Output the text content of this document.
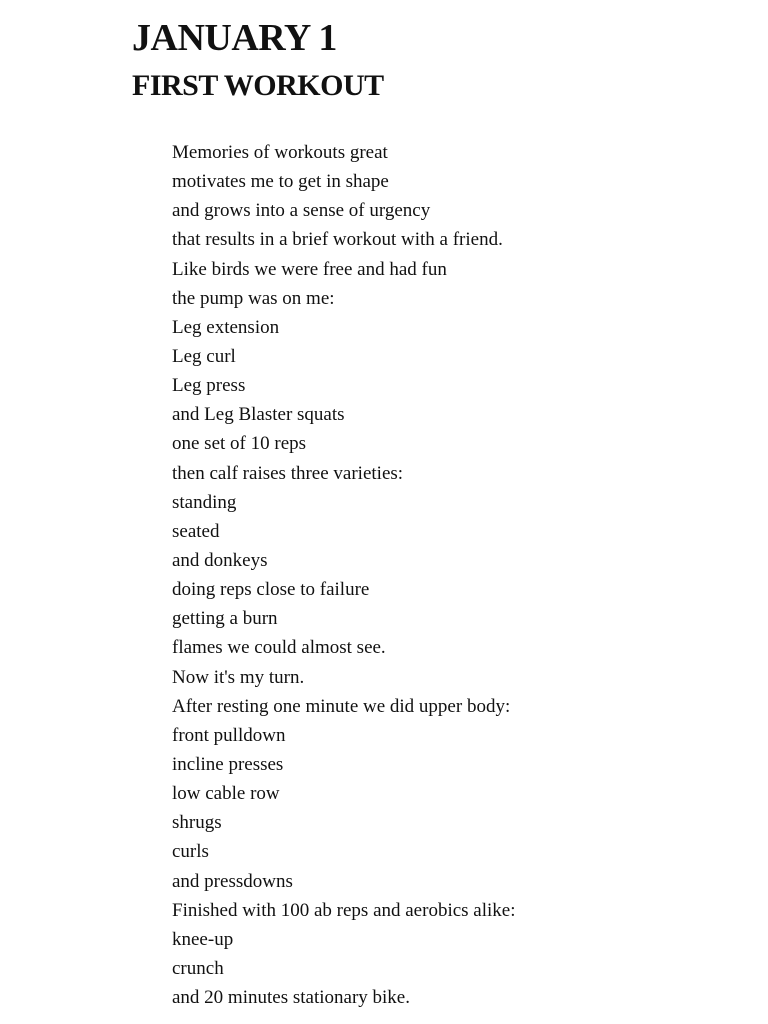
JANUARY 1
FIRST WORKOUT
Memories of workouts great
motivates me to get in shape
and grows into a sense of urgency
that results in a brief workout with a friend.
Like birds we were free and had fun
the pump was on me:
Leg extension
Leg curl
Leg press
and Leg Blaster squats
one set of 10 reps
then calf raises three varieties:
standing
seated
and donkeys
doing reps close to failure
getting a burn
flames we could almost see.
Now it's my turn.
After resting one minute we did upper body:
front pulldown
incline presses
low cable row
shrugs
curls
and pressdowns
Finished with 100 ab reps and aerobics alike:
knee-up
crunch
and 20 minutes stationary bike.
